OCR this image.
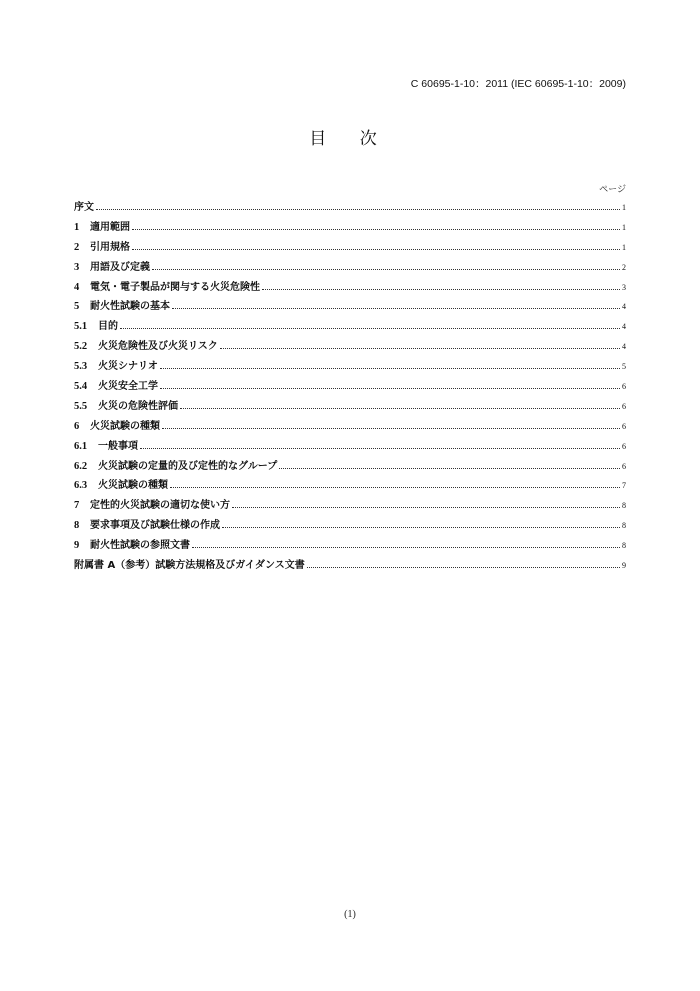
C 60695-1-10：2011 (IEC 60695-1-10：2009)
目 次
ページ
序文	1
1	適用範囲	1
2	引用規格	1
3	用語及び定義	2
4	電気・電子製品が関与する火災危険性	3
5	耐火性試験の基本	4
5.1	目的	4
5.2	火災危険性及び火災リスク	4
5.3	火災シナリオ	5
5.4	火災安全工学	6
5.5	火災の危険性評価	6
6	火災試験の種類	6
6.1	一般事項	6
6.2	火災試験の定量的及び定性的なグループ	6
6.3	火災試験の種類	7
7	定性的火災試験の適切な使い方	8
8	要求事項及び試験仕様の作成	8
9	耐火性試験の参照文書	8
附属書 A（参考）試験方法規格及びガイダンス文書	9
(1)
